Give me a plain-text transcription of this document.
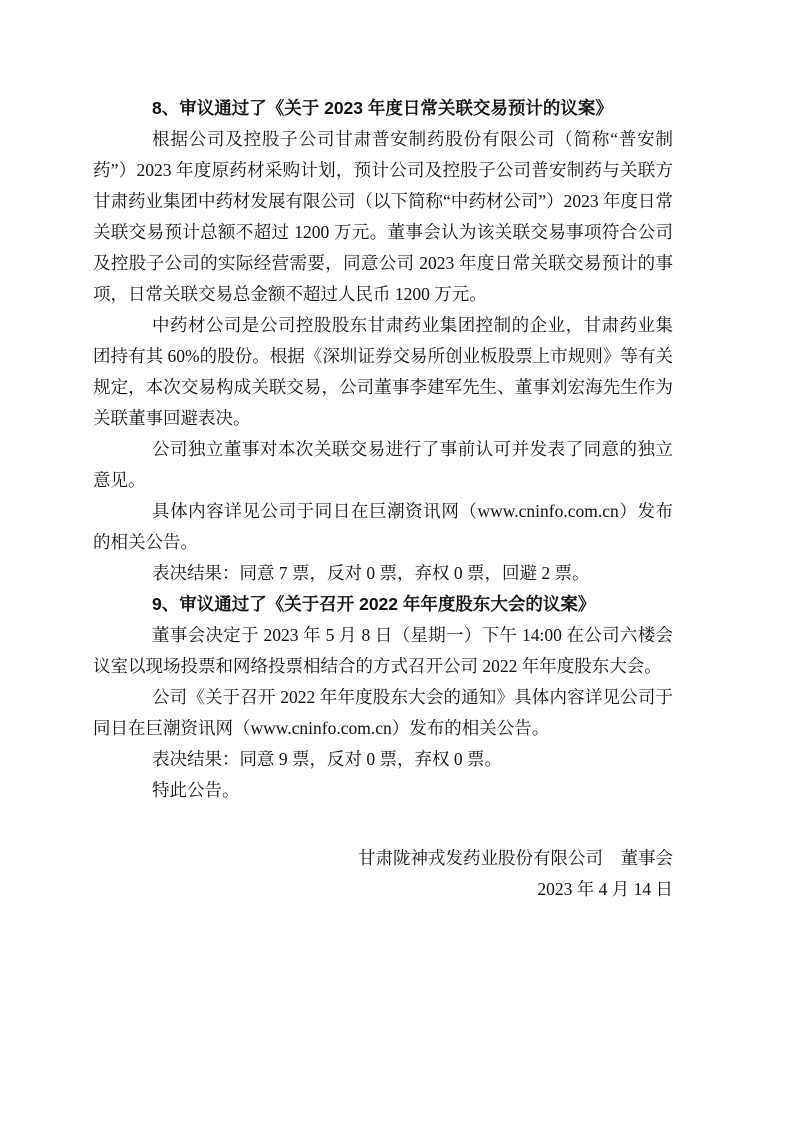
8、审议通过了《关于 2023 年度日常关联交易预计的议案》

根据公司及控股子公司甘肃普安制药股份有限公司（简称“普安制药”）2023 年度原药材采购计划，预计公司及控股子公司普安制药与关联方甘肃药业集团中药材发展有限公司（以下简称“中药材公司”）2023 年度日常关联交易预计总额不超过 1200 万元。董事会认为该关联交易事项符合公司及控股子公司的实际经营需要，同意公司 2023 年度日常关联交易预计的事项，日常关联交易总金额不超过人民币 1200 万元。

中药材公司是公司控股股东甘肃药业集团控制的企业，甘肃药业集团持有其 60%的股份。根据《深圳证券交易所创业板股票上市规则》等有关规定，本次交易构成关联交易，公司董事李建军先生、董事刘宏海先生作为关联董事回避表决。

公司独立董事对本次关联交易进行了事前认可并发表了同意的独立意见。

具体内容详见公司于同日在巨潮资讯网（www.cninfo.com.cn）发布的相关公告。

表决结果：同意 7 票，反对 0 票，弃权 0 票，回避 2 票。

9、审议通过了《关于召开 2022 年年度股东大会的议案》

董事会决定于 2023 年 5 月 8 日（星期一）下午 14:00 在公司六楼会议室以现场投票和网络投票相结合的方式召开公司 2022 年年度股东大会。

公司《关于召开 2022 年年度股东大会的通知》具体内容详见公司于同日在巨潮资讯网（www.cninfo.com.cn）发布的相关公告。

表决结果：同意 9 票，反对 0 票，弃权 0 票。

特此公告。

甘肃陇神戎发药业股份有限公司　董事会

2023 年 4 月 14 日
